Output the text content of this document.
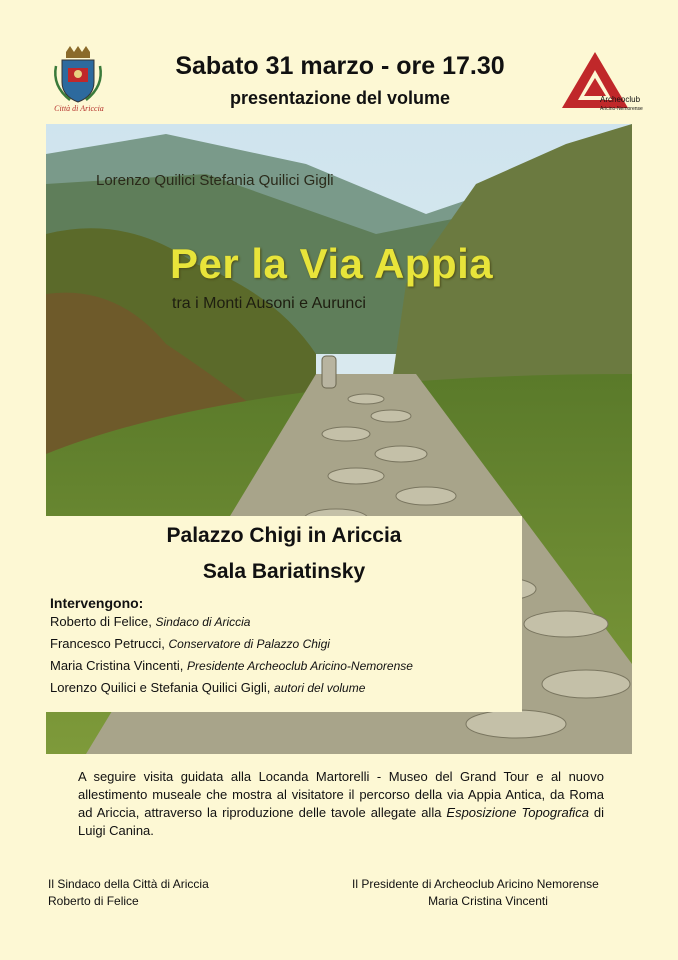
Città di Ariccia
Sabato 31 marzo - ore 17.30
presentazione del volume	Archeoclub
Aricino-Nemorense
Lorenzo Quilici Stefania Quilici Gigli
Per la Via Appia
tra i Monti Ausoni e Aurunci
Palazzo Chigi in Ariccia
Sala Bariatinsky
Intervengono:
Roberto di Felice, Sindaco di Ariccia
Francesco Petrucci, Conservatore di Palazzo Chigi
Maria Cristina Vincenti, Presidente Archeoclub Aricino-Nemorense
Lorenzo Quilici e Stefania Quilici Gigli, autori del volume
A seguire visita guidata alla Locanda Martorelli - Museo del Grand Tour e al nuovo allestimento museale che mostra al visitatore il percorso della via Appia Antica, da Roma ad Ariccia, attraverso la riproduzione delle tavole allegate alla Esposizione Topografica di Luigi Canina.
Il Sindaco della Città di Ariccia
Roberto di Felice
Il Presidente di Archeoclub Aricino Nemorense
Maria Cristina Vincenti
